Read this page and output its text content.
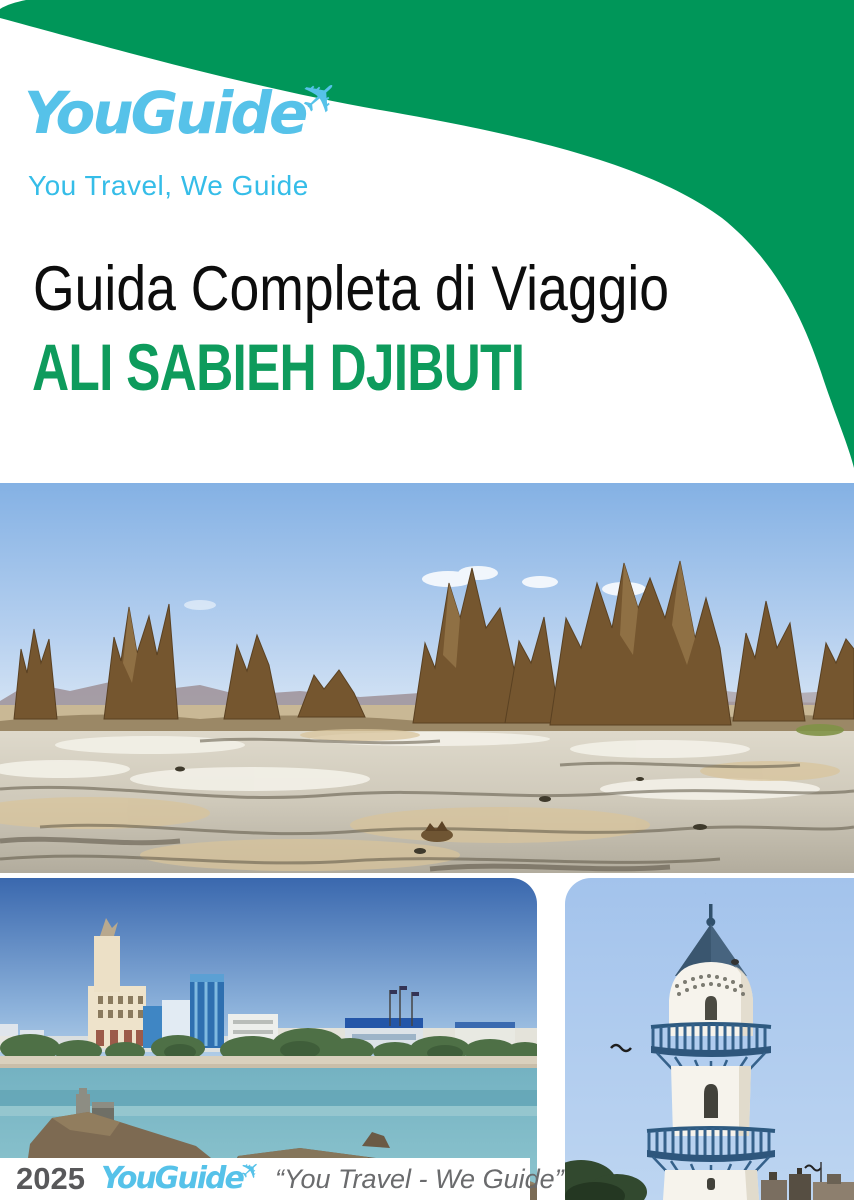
YouGuide✈
You Travel, We Guide
Guida Completa di Viaggio
ALI SABIEH DJIBUTI
2025 YouGuide✈ “You Travel - We Guide”
